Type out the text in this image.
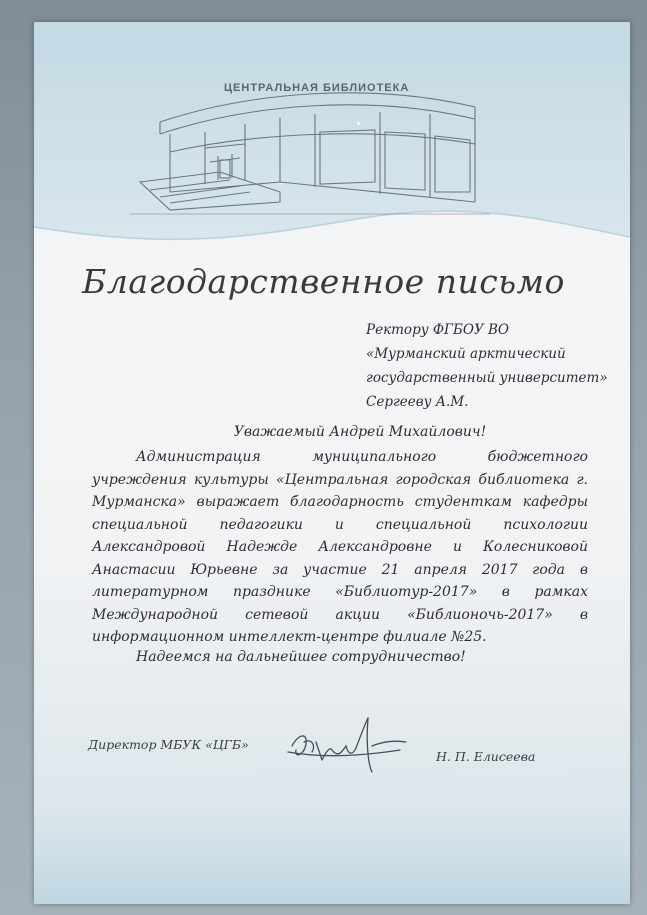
ЦЕНТРАЛЬНАЯ БИБЛИОТЕКА
Благодарственное письмо
Ректору ФГБОУ ВО
«Мурманский арктический
государственный университет»
Сергееву А.М.
Уважаемый Андрей Михайлович!

Администрация муниципального бюджетного учреждения культуры «Центральная городская библиотека г. Мурманска» выражает благодарность студенткам кафедры специальной педагогики и специальной психологии Александровой Надежде Александровне и Колесниковой Анастасии Юрьевне за участие 21 апреля 2017 года в литературном празднике «Библиотур-2017» в рамках Международной сетевой акции «Библионочь-2017» в информационном интеллект-центре филиале №25.

Надеемся на дальнейшее сотрудничество!
Директор МБУК «ЦГБ»
Н. П. Елисеева
